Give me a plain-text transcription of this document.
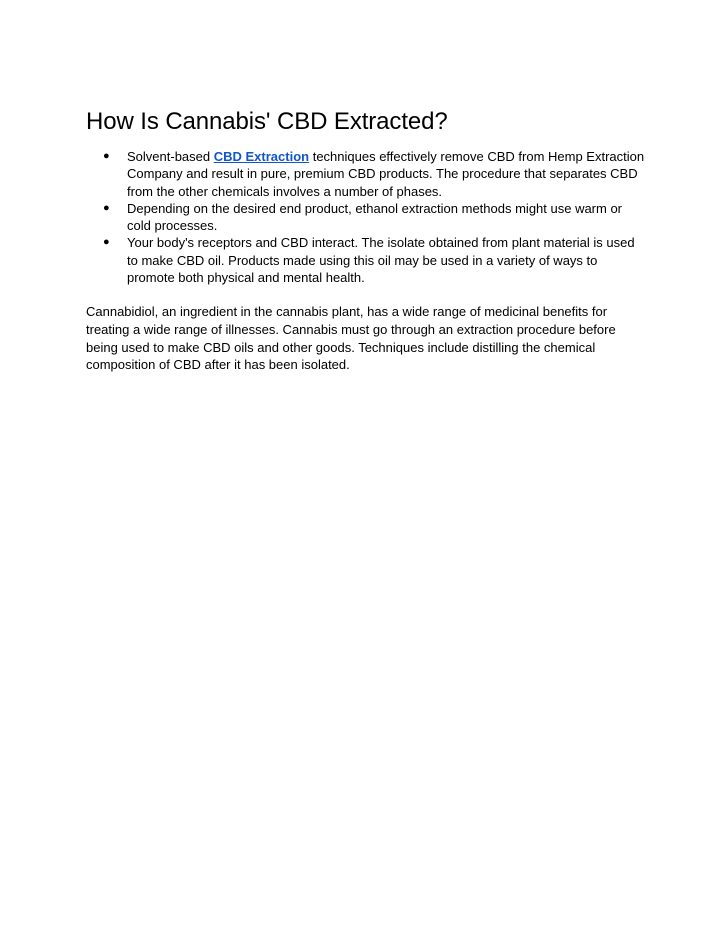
How Is Cannabis' CBD Extracted?
● Solvent-based CBD Extraction techniques effectively remove CBD from Hemp Extraction Company and result in pure, premium CBD products. The procedure that separates CBD from the other chemicals involves a number of phases.
● Depending on the desired end product, ethanol extraction methods might use warm or cold processes.
● Your body's receptors and CBD interact. The isolate obtained from plant material is used to make CBD oil. Products made using this oil may be used in a variety of ways to promote both physical and mental health.

Cannabidiol, an ingredient in the cannabis plant, has a wide range of medicinal benefits for treating a wide range of illnesses. Cannabis must go through an extraction procedure before being used to make CBD oils and other goods. Techniques include distilling the chemical composition of CBD after it has been isolated.
